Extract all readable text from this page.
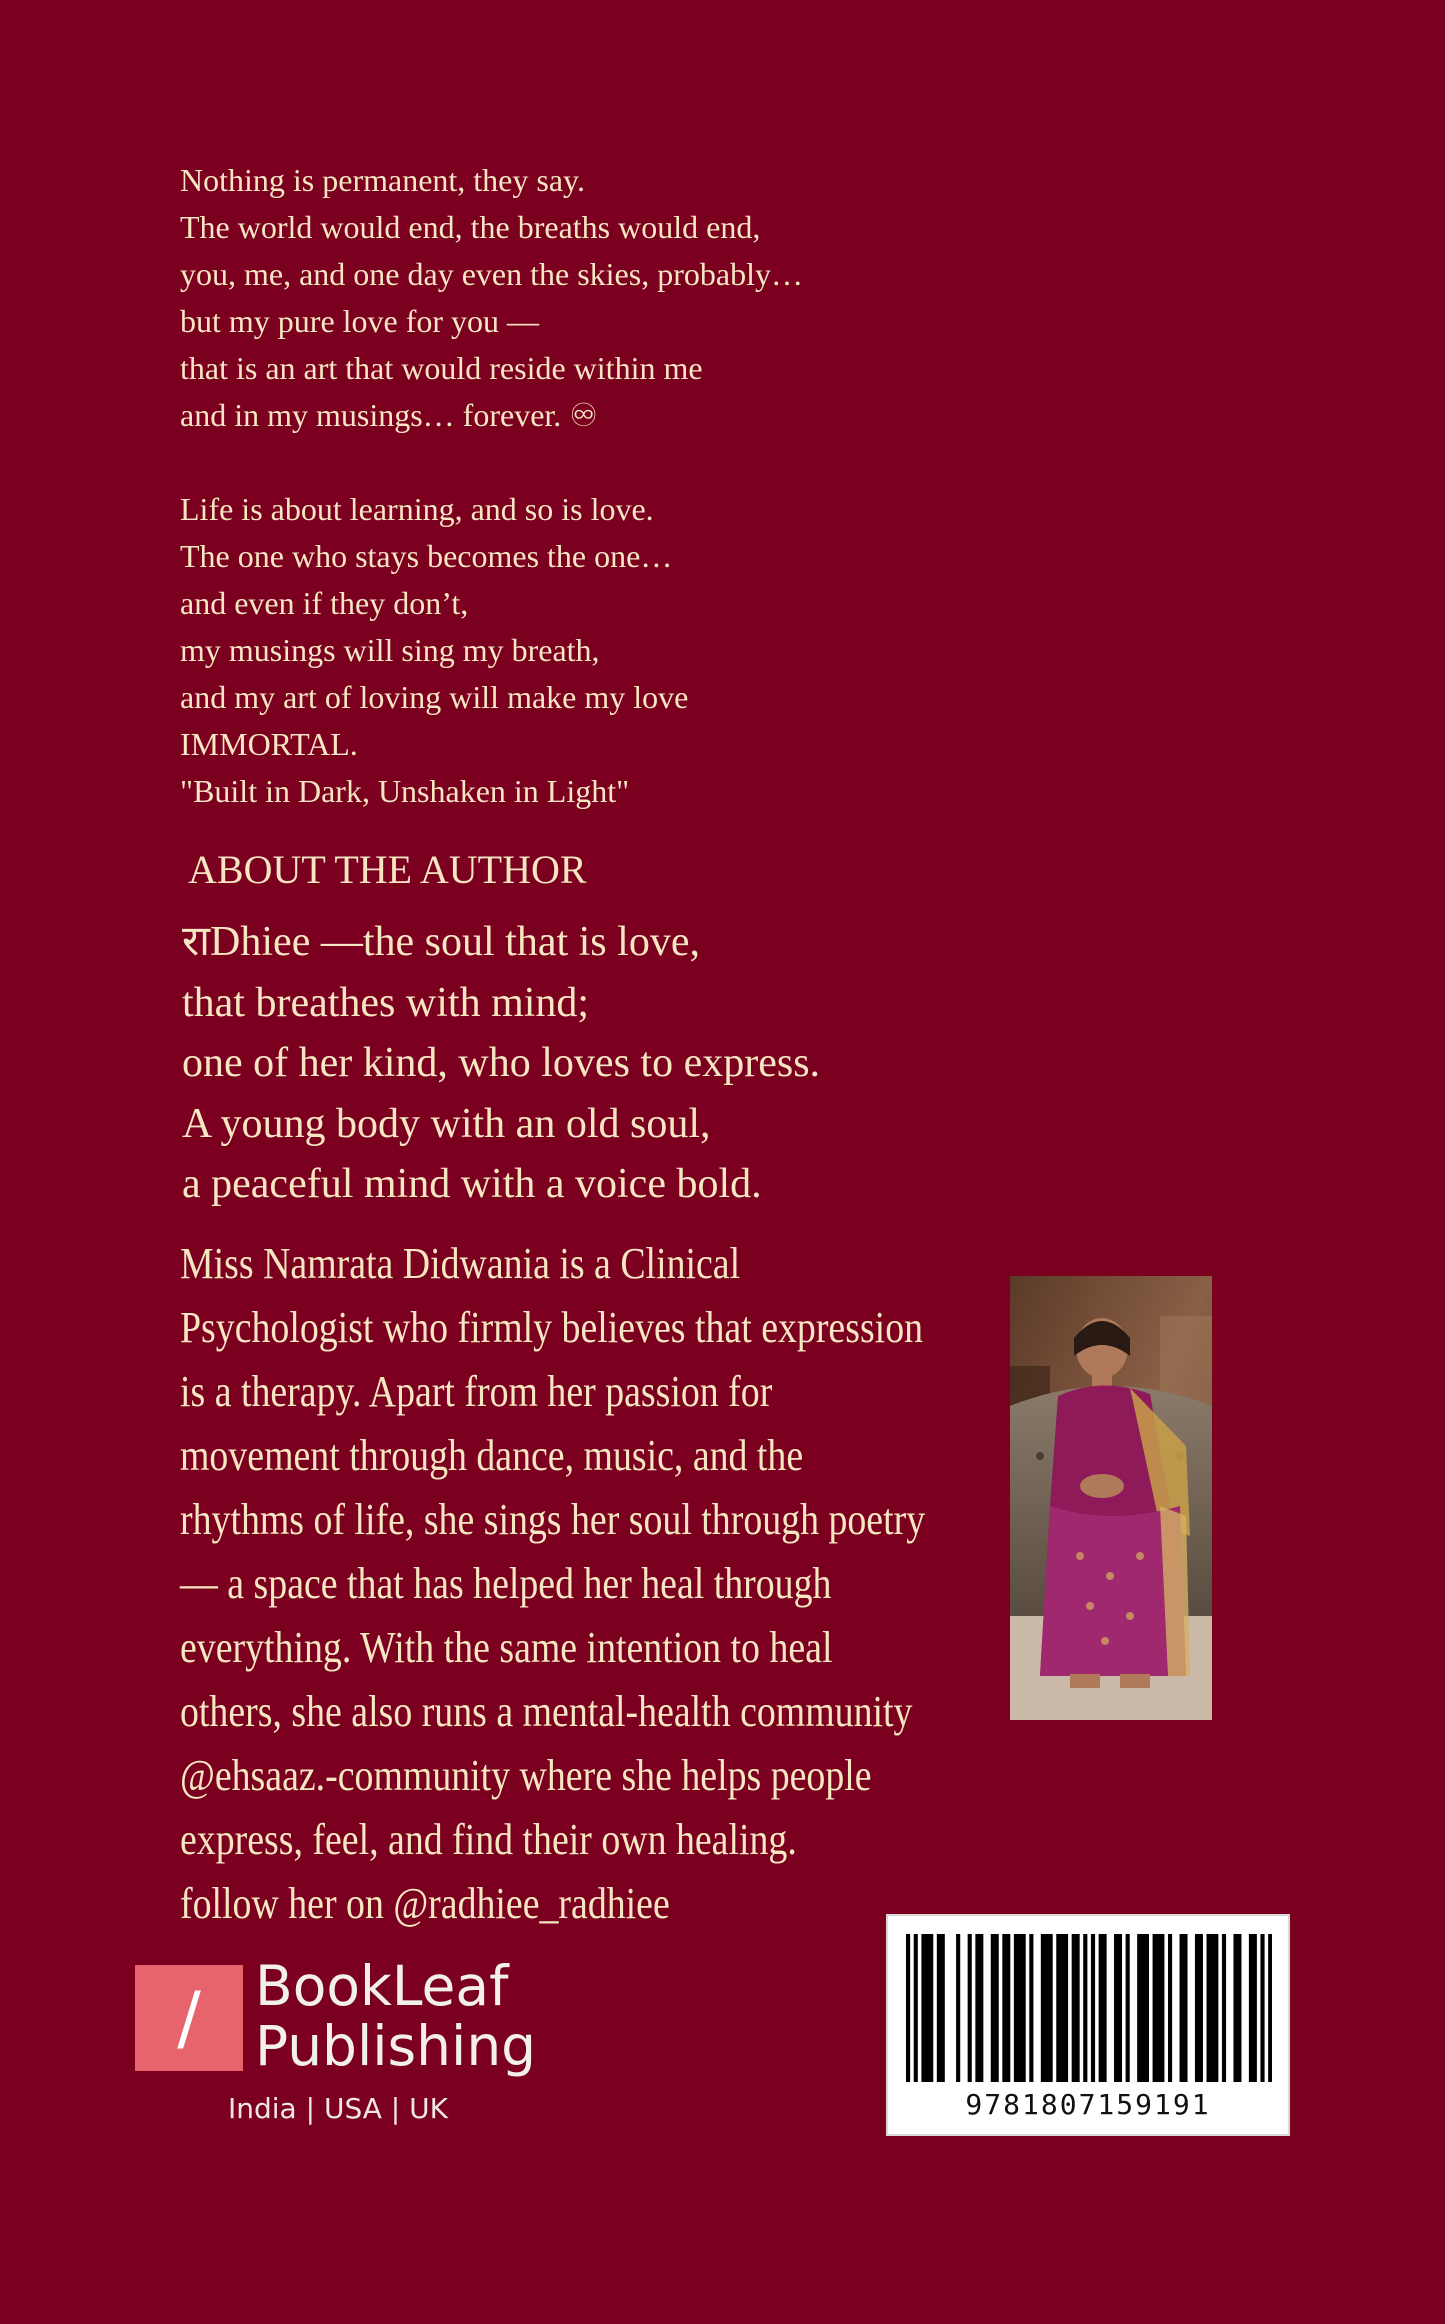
Nothing is permanent, they say.
The world would end, the breaths would end,
you, me, and one day even the skies, probably…
but my pure love for you —
that is an art that would reside within me
and in my musings… forever. ♾
Life is about learning, and so is love.
The one who stays becomes the one…
and even if they don’t,
my musings will sing my breath,
and my art of loving will make my love
IMMORTAL.
"Built in Dark, Unshaken in Light"
ABOUT THE AUTHOR
राDhiee —the soul that is love,
that breathes with mind;
one of her kind, who loves to express.
A young body with an old soul,
a peaceful mind with a voice bold.
Miss Namrata Didwania is a Clinical
Psychologist who firmly believes that expression
is a therapy. Apart from her passion for
movement through dance, music, and the
rhythms of life, she sings her soul through poetry
— a space that has helped her heal through
everything. With the same intention to heal
others, she also runs a mental-health community
@ehsaaz.-community where she helps people
express, feel, and find their own healing.
follow her on @radhiee_radhiee
/ BookLeaf
Publishing
India | USA | UK	9781807159191
